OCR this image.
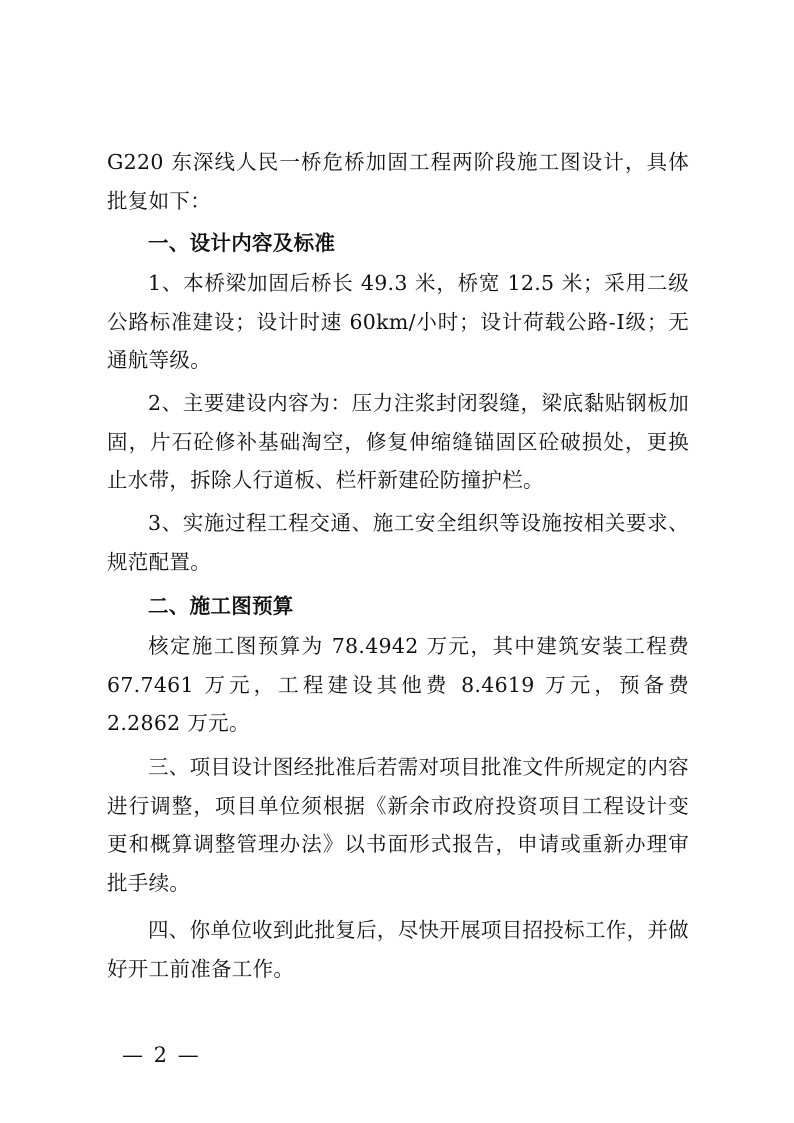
G220 东深线人民一桥危桥加固工程两阶段施工图设计，具体批复如下：

一、设计内容及标准

1、本桥梁加固后桥长 49.3 米，桥宽 12.5 米；采用二级公路标准建设；设计时速 60km/小时；设计荷载公路-Ⅰ级；无通航等级。

2、主要建设内容为：压力注浆封闭裂缝，梁底黏贴钢板加固，片石砼修补基础淘空，修复伸缩缝锚固区砼破损处，更换止水带，拆除人行道板、栏杆新建砼防撞护栏。

3、实施过程工程交通、施工安全组织等设施按相关要求、规范配置。

二、施工图预算

核定施工图预算为 78.4942 万元，其中建筑安装工程费 67.7461 万元，工程建设其他费 8.4619 万元，预备费 2.2862 万元。

三、项目设计图经批准后若需对项目批准文件所规定的内容进行调整，项目单位须根据《新余市政府投资项目工程设计变更和概算调整管理办法》以书面形式报告，申请或重新办理审批手续。

四、你单位收到此批复后，尽快开展项目招投标工作，并做好开工前准备工作。

— 2 —
